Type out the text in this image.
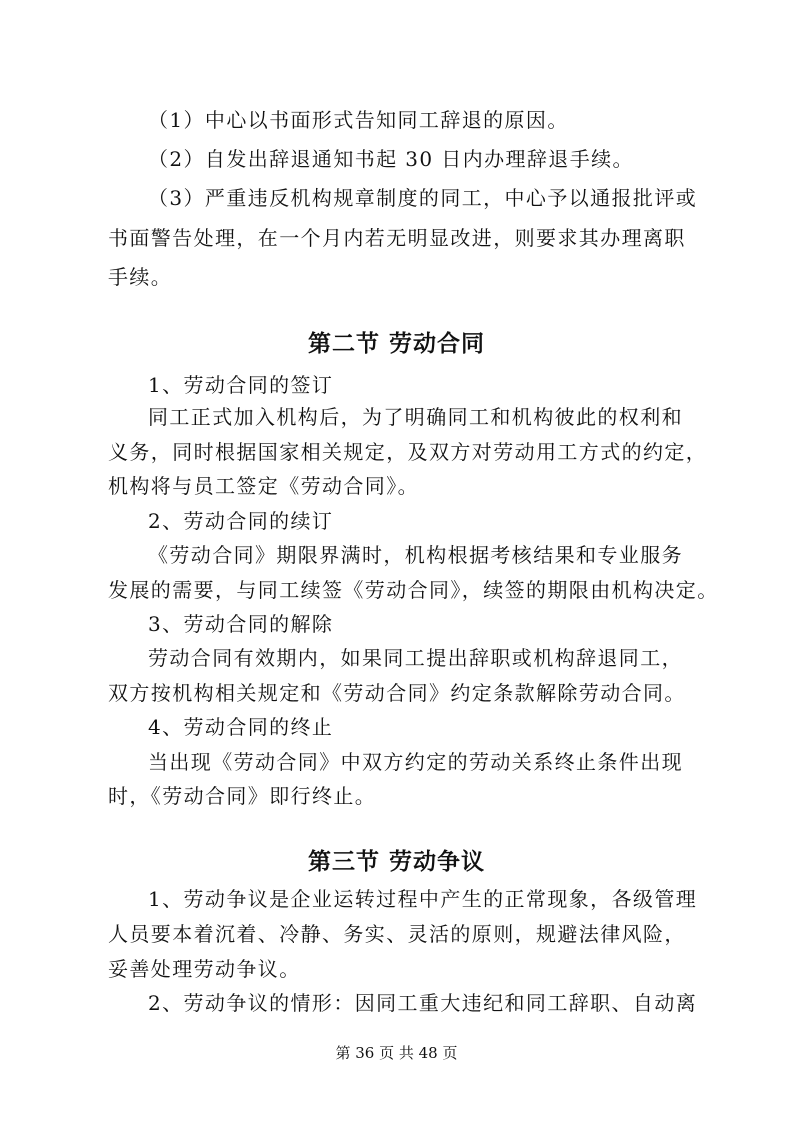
（1）中心以书面形式告知同工辞退的原因。
（2）自发出辞退通知书起 30 日内办理辞退手续。
（3）严重违反机构规章制度的同工，中心予以通报批评或
书面警告处理，在一个月内若无明显改进，则要求其办理离职
手续。
第二节 劳动合同
1、劳动合同的签订
同工正式加入机构后，为了明确同工和机构彼此的权利和
义务，同时根据国家相关规定，及双方对劳动用工方式的约定，
机构将与员工签定《劳动合同》。
2、劳动合同的续订
《劳动合同》期限界满时，机构根据考核结果和专业服务
发展的需要，与同工续签《劳动合同》，续签的期限由机构决定。
3、劳动合同的解除
劳动合同有效期内，如果同工提出辞职或机构辞退同工，
双方按机构相关规定和《劳动合同》约定条款解除劳动合同。
4、劳动合同的终止
当出现《劳动合同》中双方约定的劳动关系终止条件出现
时，《劳动合同》即行终止。
第三节 劳动争议
1、劳动争议是企业运转过程中产生的正常现象，各级管理
人员要本着沉着、冷静、务实、灵活的原则，规避法律风险，
妥善处理劳动争议。
2、劳动争议的情形：因同工重大违纪和同工辞职、自动离
第 36 页 共 48 页
